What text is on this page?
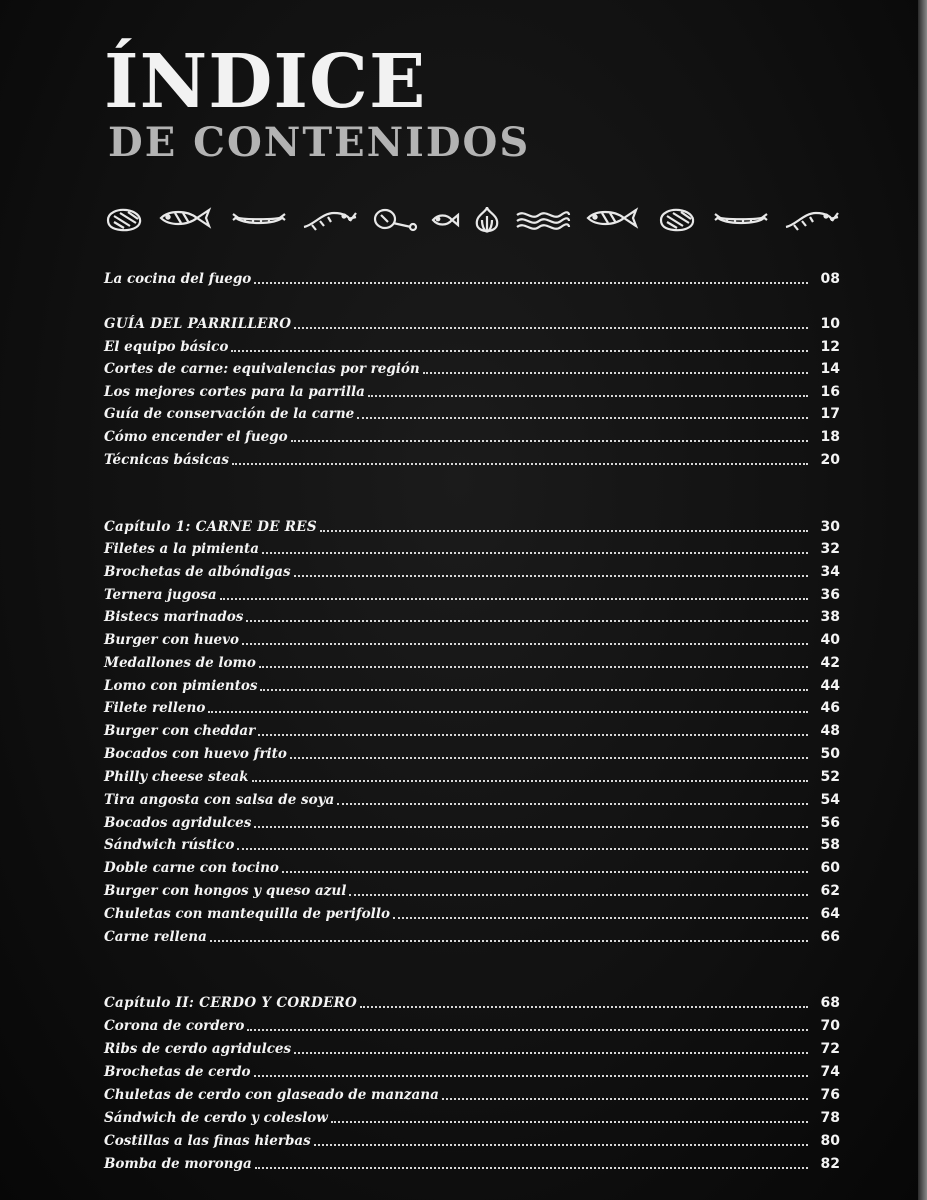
ÍNDICE
DE CONTENIDOS
La cocina del fuego	08
GUÍA DEL PARRILLERO	10
El equipo básico	12
Cortes de carne: equivalencias por región	14
Los mejores cortes para la parrilla	16
Guía de conservación de la carne	17
Cómo encender el fuego	18
Técnicas básicas	20
Capítulo 1: CARNE DE RES	30
Filetes a la pimienta	32
Brochetas de albóndigas	34
Ternera jugosa	36
Bistecs marinados	38
Burger con huevo	40
Medallones de lomo	42
Lomo con pimientos	44
Filete relleno	46
Burger con cheddar	48
Bocados con huevo frito	50
Philly cheese steak	52
Tira angosta con salsa de soya	54
Bocados agridulces	56
Sándwich rústico	58
Doble carne con tocino	60
Burger con hongos y queso azul	62
Chuletas con mantequilla de perifollo	64
Carne rellena	66
Capítulo II: CERDO Y CORDERO	68
Corona de cordero	70
Ribs de cerdo agridulces	72
Brochetas de cerdo	74
Chuletas de cerdo con glaseado de manzana	76
Sándwich de cerdo y coleslow	78
Costillas a las finas hierbas	80
Bomba de moronga	82
